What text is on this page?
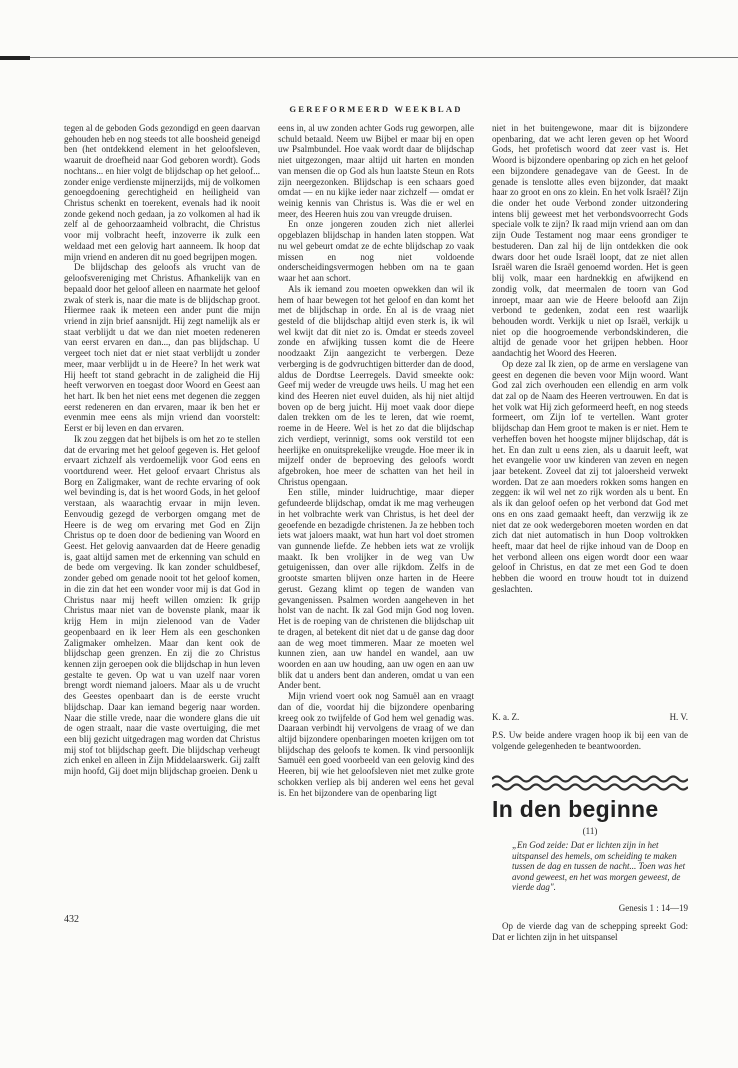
GEREFORMEERD WEEKBLAD

tegen al de geboden Gods gezondigd en geen daarvan gehouden heb en nog steeds tot alle boosheid geneigd ben (het ontdekkend element in het geloofsleven, waaruit de droefheid naar God geboren wordt). Gods nochtans... en hier volgt de blijdschap op het geloof... zonder enige verdienste mijnerzijds, mij de volkomen genoegdoening gerechtigheid en heiligheid van Christus schenkt en toerekent, evenals had ik nooit zonde gekend noch gedaan, ja zo volkomen al had ik zelf al de gehoorzaamheid volbracht, die Christus voor mij volbracht heeft, inzoverre ik zulk een weldaad met een gelovig hart aanneem. Ik hoop dat mijn vriend en anderen dit nu goed begrijpen mogen.

De blijdschap des geloofs als vrucht van de geloofsvereniging met Christus. Afhankelijk van en bepaald door het geloof alleen en naarmate het geloof zwak of sterk is, naar die mate is de blijdschap groot. Hiermee raak ik meteen een ander punt die mijn vriend in zijn brief aansnijdt. Hij zegt namelijk als er staat verblijdt u dat we dan niet moeten redeneren van eerst ervaren en dan..., dan pas blijdschap. U vergeet toch niet dat er niet staat verblijdt u zonder meer, maar verblijdt u in de Heere? In het werk wat Hij heeft tot stand gebracht in de zaligheid die Hij heeft verworven en toegast door Woord en Geest aan het hart. Ik ben het niet eens met degenen die zeggen eerst redeneren en dan ervaren, maar ik ben het er evenmin mee eens als mijn vriend dan voorstelt: Eerst er bij leven en dan ervaren.

Ik zou zeggen dat het bijbels is om het zo te stellen dat de ervaring met het geloof gegeven is. Het geloof ervaart zichzelf als verdoemelijk voor God eens en voortdurend weer. Het geloof ervaart Christus als Borg en Zaligmaker, want de rechte ervaring of ook wel bevinding is, dat is het woord Gods, in het geloof verstaan, als waarachtig ervaar in mijn leven. Eenvoudig gezegd de verborgen omgang met de Heere is de weg om ervaring met God en Zijn Christus op te doen door de bediening van Woord en Geest. Het gelovig aanvaarden dat de Heere genadig is, gaat altijd samen met de erkenning van schuld en de bede om vergeving. Ik kan zonder schuldbesef, zonder gebed om genade nooit tot het geloof komen, in die zin dat het een wonder voor mij is dat God in Christus naar mij heeft willen omzien: Ik grijp Christus maar niet van de bovenste plank, maar ik krijg Hem in mijn zielenood van de Vader geopenbaard en ik leer Hem als een geschonken Zaligmaker omhelzen. Maar dan kent ook de blijdschap geen grenzen. En zij die zo Christus kennen zijn geroepen ook die blijdschap in hun leven gestalte te geven. Op wat u van uzelf naar voren brengt wordt niemand jaloers. Maar als u de vrucht des Geestes openbaart dan is de eerste vrucht blijdschap. Daar kan iemand begerig naar worden. Naar die stille vrede, naar die wondere glans die uit de ogen straalt, naar die vaste overtuiging, die met een blij gezicht uitgedragen mag worden dat Christus mij stof tot blijdschap geeft. Die blijdschap verheugt zich enkel en alleen in Zijn Middelaarswerk. Gij zalft mijn hoofd, Gij doet mijn blijdschap groeien. Denk u

eens in, al uw zonden achter Gods rug geworpen, alle schuld betaald. Neem uw Bijbel er maar bij en open uw Psalmbundel. Hoe vaak wordt daar de blijdschap niet uitgezongen, maar altijd uit harten en monden van mensen die op God als hun laatste Steun en Rots zijn neergezonken. Blijdschap is een schaars goed omdat — en nu kijke ieder naar zichzelf — omdat er weinig kennis van Christus is. Was die er wel en meer, des Heeren huis zou van vreugde druisen.

En onze jongeren zouden zich niet allerlei opgeblazen blijdschap in handen laten stoppen. Wat nu wel gebeurt omdat ze de echte blijdschap zo vaak missen en nog niet voldoende onderscheidingsvermogen hebben om na te gaan waar het aan schort.

Als ik iemand zou moeten opwekken dan wil ik hem of haar bewegen tot het geloof en dan komt het met de blijdschap in orde. En al is de vraag niet gesteld of die blijdschap altijd even sterk is, ik wil wel kwijt dat dit niet zo is. Omdat er steeds zoveel zonde en afwijking tussen komt die de Heere noodzaakt Zijn aangezicht te verbergen. Deze verberging is de godvruchtigen bitterder dan de dood, aldus de Dordtse Leerregels. David smeekte ook: Geef mij weder de vreugde uws heils. U mag het een kind des Heeren niet euvel duiden, als hij niet altijd boven op de berg juicht. Hij moet vaak door diepe dalen trekken om de les te leren, dat wie roemt, roeme in de Heere. Wel is het zo dat die blijdschap zich verdiept, verinnigt, soms ook verstild tot een heerlijke en onuitsprekelijke vreugde. Hoe meer ik in mijzelf onder de beproeving des geloofs wordt afgebroken, hoe meer de schatten van het heil in Christus opengaan.

Een stille, minder luidruchtige, maar dieper gefundeerde blijdschap, omdat ik me mag verheugen in het volbrachte werk van Christus, is het deel der geoefende en bezadigde christenen. Ja ze hebben toch iets wat jaloers maakt, wat hun hart vol doet stromen van gunnende liefde. Ze hebben iets wat ze vrolijk maakt. Ik ben vrolijker in de weg van Uw getuigenissen, dan over alle rijkdom. Zelfs in de grootste smarten blijven onze harten in de Heere gerust. Gezang klimt op tegen de wanden van gevangenissen. Psalmen worden aangeheven in het holst van de nacht. Ik zal God mijn God nog loven. Het is de roeping van de christenen die blijdschap uit te dragen, al betekent dit niet dat u de ganse dag door aan de weg moet timmeren. Maar ze moeten wel kunnen zien, aan uw handel en wandel, aan uw woorden en aan uw houding, aan uw ogen en aan uw blik dat u anders bent dan anderen, omdat u van een Ander bent.

Mijn vriend voert ook nog Samuël aan en vraagt dan of die, voordat hij die bijzondere openbaring kreeg ook zo twijfelde of God hem wel genadig was. Daaraan verbindt hij vervolgens de vraag of we dan altijd bijzondere openbaringen moeten krijgen om tot blijdschap des geloofs te komen. Ik vind persoonlijk Samuël een goed voorbeeld van een gelovig kind des Heeren, bij wie het geloofsleven niet met zulke grote schokken verliep als bij anderen wel eens het geval is. En het bijzondere van de openbaring ligt

niet in het buitengewone, maar dit is bijzondere openbaring, dat we acht leren geven op het Woord Gods, het profetisch woord dat zeer vast is. Het Woord is bijzondere openbaring op zich en het geloof een bijzondere genadegave van de Geest. In de genade is tenslotte alles even bijzonder, dat maakt haar zo groot en ons zo klein. En het volk Israël? Zijn die onder het oude Verbond zonder uitzondering intens blij geweest met het verbondsvoorrecht Gods speciale volk te zijn? Ik raad mijn vriend aan om dan zijn Oude Testament nog maar eens grondiger te bestuderen. Dan zal hij de lijn ontdekken die ook dwars door het oude Israël loopt, dat ze niet allen Israël waren die Israël genoemd worden. Het is geen blij volk, maar een hardnekkig en afwijkend en zondig volk, dat meermalen de toorn van God inroept, maar aan wie de Heere beloofd aan Zijn verbond te gedenken, zodat een rest waarlijk behouden wordt. Verkijk u niet op Israël, verkijk u niet op die hoogroemende verbondskinderen, die altijd de genade voor het grijpen hebben. Hoor aandachtig het Woord des Heeren.

Op deze zal Ik zien, op de arme en verslagene van geest en degenen die beven voor Mijn woord. Want God zal zich overhouden een ellendig en arm volk dat zal op de Naam des Heeren vertrouwen. En dat is het volk wat Hij zich geformeerd heeft, en nog steeds formeert, om Zijn lof te vertellen. Want groter blijdschap dan Hem groot te maken is er niet. Hem te verheffen boven het hoogste mijner blijdschap, dát is het. En dan zult u eens zien, als u daaruit leeft, wat het evangelie voor uw kinderen van zeven en negen jaar betekent. Zoveel dat zij tot jaloersheid verwekt worden. Dat ze aan moeders rokken soms hangen en zeggen: ik wil wel net zo rijk worden als u bent. En als ik dan geloof oefen op het verbond dat God met ons en ons zaad gemaakt heeft, dan verzwijg ik ze niet dat ze ook wedergeboren moeten worden en dat zich dat niet automatisch in hun Doop voltrokken heeft, maar dat heel de rijke inhoud van de Doop en het verbond alleen ons eigen wordt door een waar geloof in Christus, en dat ze met een God te doen hebben die woord en trouw houdt tot in duizend geslachten.

K. a. Z.	H. V.
P.S. Uw beide andere vragen hoop ik bij een van de volgende gelegenheden te beantwoorden.
In den beginne
(11)
„En God zeide: Dat er lichten zijn in het uitspansel des hemels, om scheiding te maken tussen de dag en tussen de nacht... Toen was het avond geweest, en het was morgen geweest, de vierde dag".
Genesis 1 : 14—19
Op de vierde dag van de schepping spreekt God: Dat er lichten zijn in het uitspansel
432
